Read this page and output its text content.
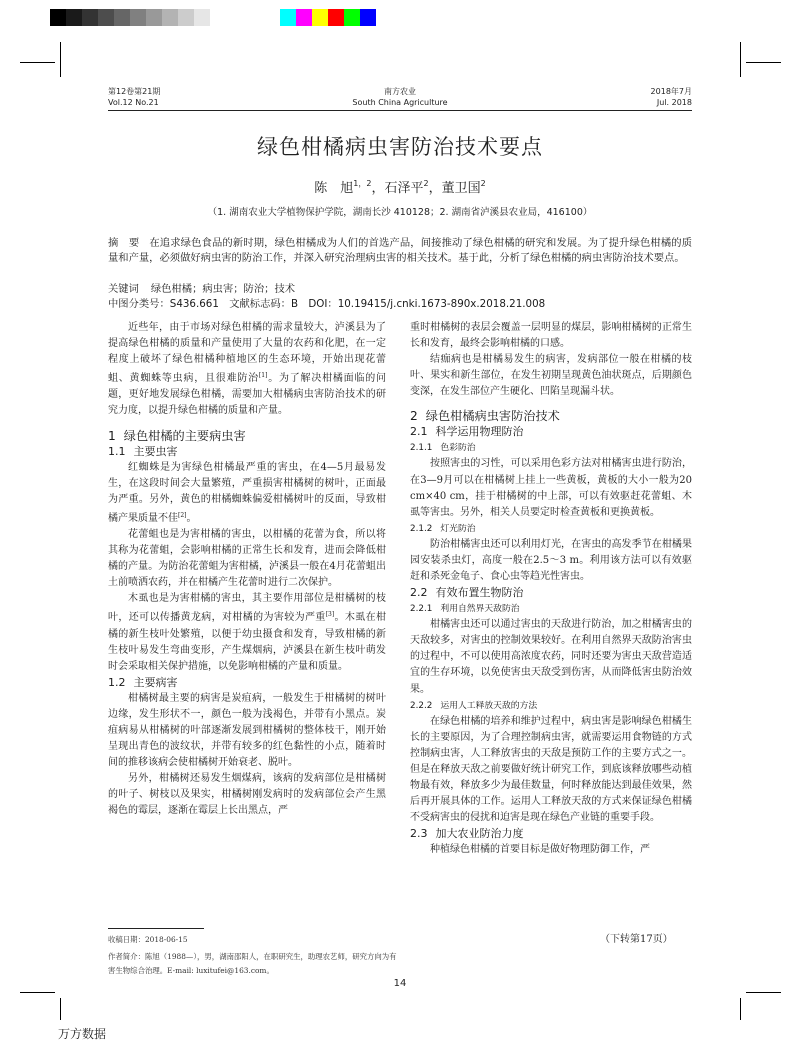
第12卷第21期
Vol.12 No.21
南方农业
South China Agriculture
2018年7月
Jul. 2018
绿色柑橘病虫害防治技术要点
陈　旭$^{1,2}$，石泽平$^2$，董卫国$^2$
（1. 湖南农业大学植物保护学院，湖南长沙 410128；2. 湖南省泸溪县农业局，416100）
摘　要 在追求绿色食品的新时期，绿色柑橘成为人们的首选产品，间接推动了绿色柑橘的研究和发展。为了提升绿色柑橘的质量和产量，必须做好病虫害的防治工作，并深入研究治理病虫害的相关技术。基于此，分析了绿色柑橘的病虫害防治技术要点。
关键词 绿色柑橘；病虫害；防治；技术
中图分类号：S436.661　文献标志码：B　DOI：10.19415/j.cnki.1673-890x.2018.21.008

近些年，由于市场对绿色柑橘的需求量较大，泸溪县为了提高绿色柑橘的质量和产量使用了大量的农药和化肥，在一定程度上破坏了绿色柑橘种植地区的生态环境，开始出现花蕾蛆、黄蜘蛛等虫病，且很难防治[1]。为了解决柑橘面临的问题，更好地发展绿色柑橘，需要加大柑橘病虫害防治技术的研究力度，以提升绿色柑橘的质量和产量。

1 绿色柑橘的主要病虫害
1.1 主要虫害

红蜘蛛是为害绿色柑橘最严重的害虫，在4—5月最易发生，在这段时间会大量繁殖，严重损害柑橘树的树叶，正面最为严重。另外，黄色的柑橘蜘蛛偏爱柑橘树叶的反面，导致柑橘产果质量不佳[2]。

花蕾蛆也是为害柑橘的害虫，以柑橘的花蕾为食，所以将其称为花蕾蛆，会影响柑橘的正常生长和发育，进而会降低柑橘的产量。为防治花蕾蛆为害柑橘，泸溪县一般在4月花蕾蛆出土前喷洒农药，并在柑橘产生花蕾时进行二次保护。

木虱也是为害柑橘的害虫，其主要作用部位是柑橘树的枝叶，还可以传播黄龙病，对柑橘的为害较为严重[3]。木虱在柑橘的新生枝叶处繁殖，以便于幼虫摄食和发育，导致柑橘的新生枝叶易发生弯曲变形，产生煤烟病，泸溪县在新生枝叶萌发时会采取相关保护措施，以免影响柑橘的产量和质量。

1.2 主要病害

柑橘树最主要的病害是炭疽病，一般发生于柑橘树的树叶边缘，发生形状不一，颜色一般为浅褐色，并带有小黑点。炭疽病易从柑橘树的叶部逐渐发展到柑橘树的整体枝干，刚开始呈现出青色的波纹状，并带有较多的红色黏性的小点，随着时间的推移该病会使柑橘树开始衰老、脱叶。

另外，柑橘树还易发生烟煤病，该病的发病部位是柑橘树的叶子、树枝以及果实，柑橘树刚发病时的发病部位会产生黑褐色的霉层，逐渐在霉层上长出黑点，严

重时柑橘树的表层会覆盖一层明显的煤层，影响柑橘树的正常生长和发育，最终会影响柑橘的口感。

结痂病也是柑橘易发生的病害，发病部位一般在柑橘的枝叶、果实和新生部位，在发生初期呈现黄色油状斑点，后期颜色变深，在发生部位产生硬化、凹陷呈现漏斗状。

2 绿色柑橘病虫害防治技术
2.1 科学运用物理防治
2.1.1 色彩防治

按照害虫的习性，可以采用色彩方法对柑橘害虫进行防治，在3—9月可以在柑橘树上挂上一些黄板，黄板的大小一般为20 cm×40 cm，挂于柑橘树的中上部，可以有效驱赶花蕾蛆、木虱等害虫。另外，相关人员要定时检查黄板和更换黄板。

2.1.2 灯光防治

防治柑橘害虫还可以利用灯光，在害虫的高发季节在柑橘果园安装杀虫灯，高度一般在2.5～3 m。利用该方法可以有效驱赶和杀死金龟子、食心虫等趋光性害虫。

2.2 有效布置生物防治
2.2.1 利用自然界天敌防治

柑橘害虫还可以通过害虫的天敌进行防治，加之柑橘害虫的天敌较多，对害虫的控制效果较好。在利用自然界天敌防治害虫的过程中，不可以使用高浓度农药，同时还要为害虫天敌营造适宜的生存环境，以免使害虫天敌受到伤害，从而降低害虫防治效果。

2.2.2 运用人工释放天敌的方法

在绿色柑橘的培养和维护过程中，病虫害是影响绿色柑橘生长的主要原因，为了合理控制病虫害，就需要运用食物链的方式控制病虫害，人工释放害虫的天敌是预防工作的主要方式之一。但是在释放天敌之前要做好统计研究工作，到底该释放哪些动植物最有效，释放多少为最佳数量，何时释放能达到最佳效果，然后再开展具体的工作。运用人工释放天敌的方式来保证绿色柑橘不受病害虫的侵扰和迫害是现在绿色产业链的重要手段。

2.3 加大农业防治力度

种植绿色柑橘的首要目标是做好物理防御工作，严

收稿日期：2018-06-15
作者简介：陈旭（1988—），男，湖南邵阳人，在职研究生，助理农艺师，研究方向为有害生物综合治理。E-mail: luxitufei@163.com。
（下转第17页）
14
万方数据
